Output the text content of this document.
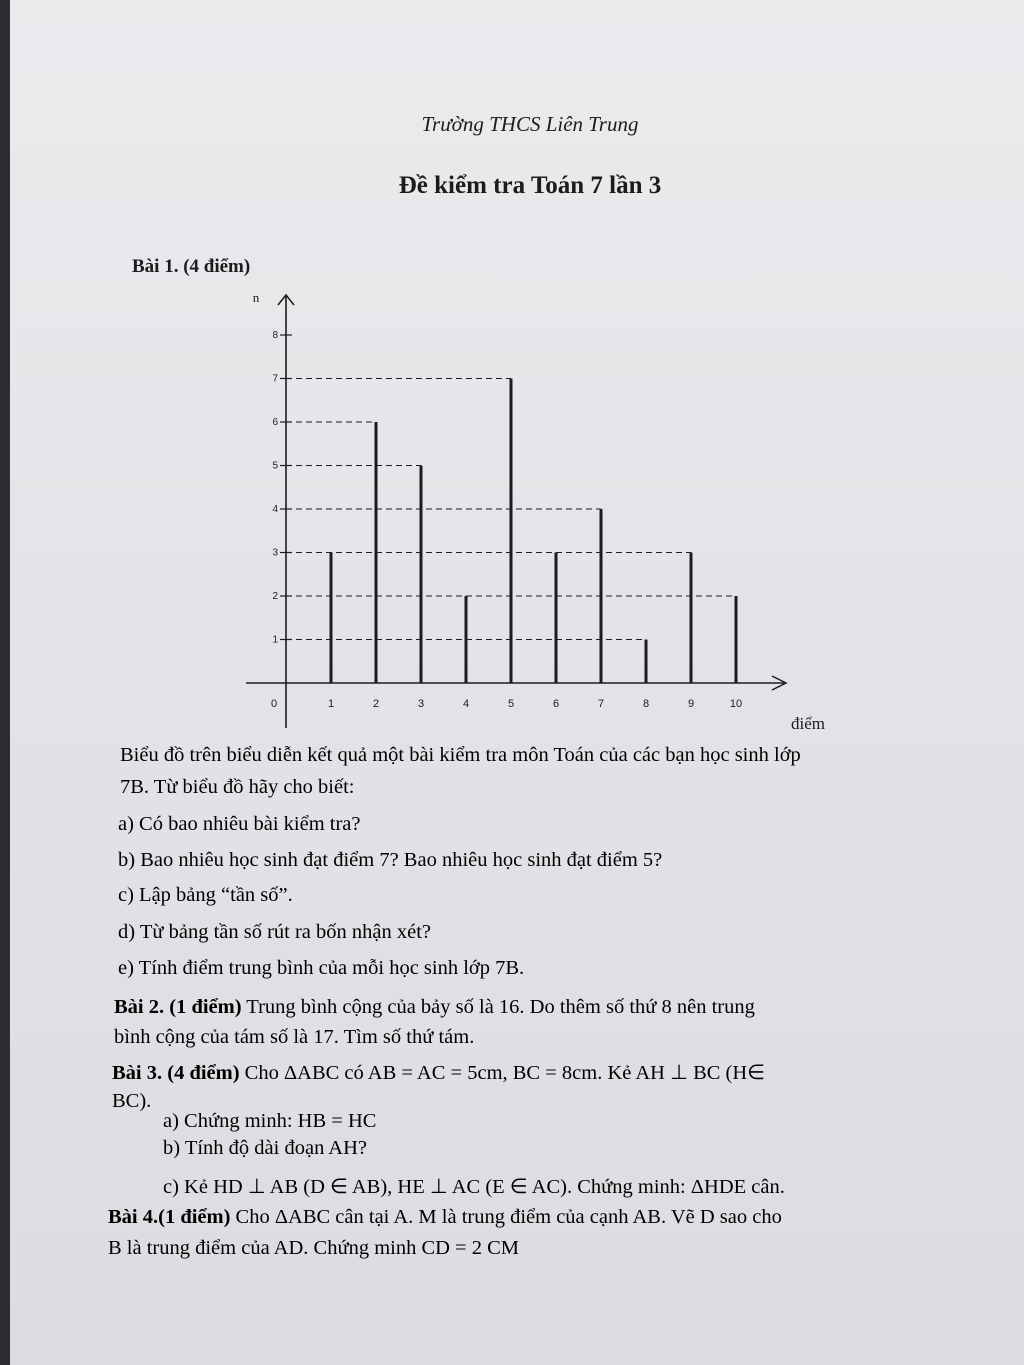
Trường THCS Liên Trung
Đề kiểm tra Toán 7 lần 3
Bài 1. (4 điểm)
1
2
3
4
5
6
7
8
1	2	3	4	5	6	7	8	9	10
0
n
điểm
Biểu đồ trên biểu diễn kết quả một bài kiểm tra môn Toán của các bạn học sinh lớp
7B. Từ biểu đồ hãy cho biết:
a) Có bao nhiêu bài kiểm tra?
b) Bao nhiêu học sinh đạt điểm 7? Bao nhiêu học sinh đạt điểm 5?
c) Lập bảng “tần số”.
d) Từ bảng tần số rút ra bốn nhận xét?
e) Tính điểm trung bình của mỗi học sinh lớp 7B.
Bài 2. (1 điểm) Trung bình cộng của bảy số là 16. Do thêm số thứ 8 nên trung
bình cộng của tám số là 17. Tìm số thứ tám.
Bài 3. (4 điểm) Cho ΔABC có AB = AC = 5cm, BC = 8cm. Kẻ AH ⊥ BC (H∈
BC).
a) Chứng minh: HB = HC
b) Tính độ dài đoạn AH?
c) Kẻ HD ⊥ AB (D ∈ AB), HE ⊥ AC (E ∈ AC). Chứng minh: ΔHDE cân.
Bài 4.(1 điểm) Cho ΔABC cân tại A. M là trung điểm của cạnh AB. Vẽ D sao cho
B là trung điểm của AD. Chứng minh CD = 2 CM
